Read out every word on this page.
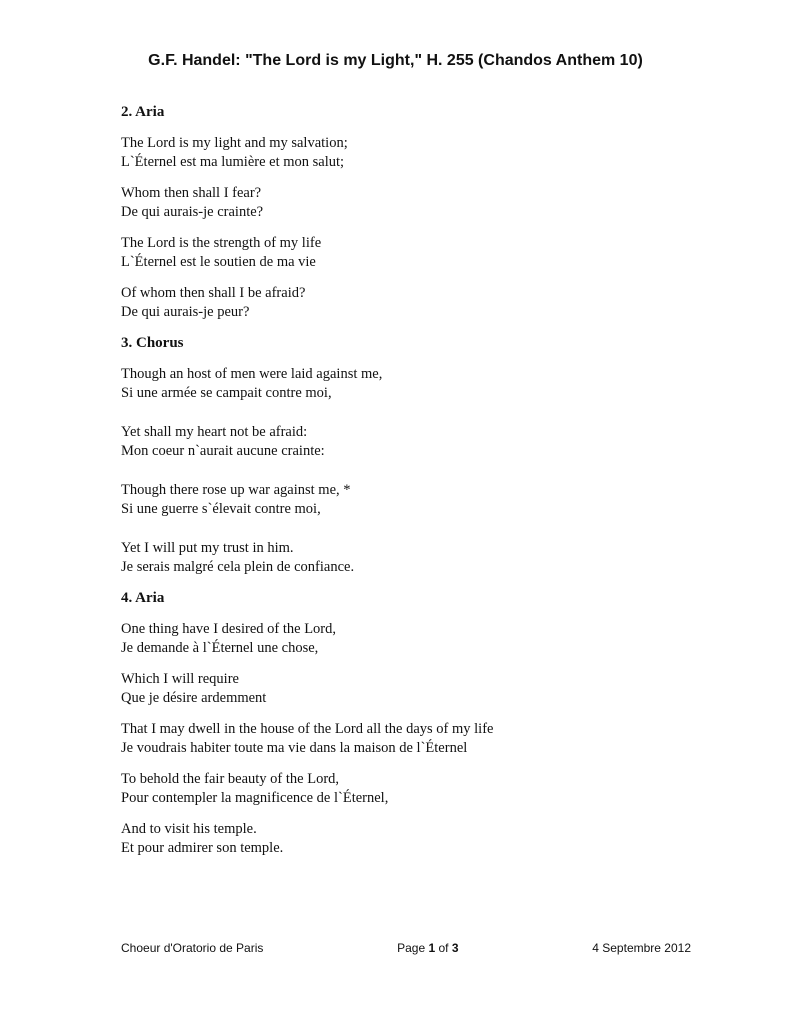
G.F. Handel: "The Lord is my Light," H. 255 (Chandos Anthem 10)
2. Aria
The Lord is my light and my salvation;
L`Éternel est ma lumière et mon salut;
Whom then shall I fear?
De qui aurais-je crainte?
The Lord is the strength of my life
L`Éternel est le soutien de ma vie
Of whom then shall I be afraid?
De qui aurais-je peur?
3. Chorus
Though an host of men were laid against me,
Si une armée se campait contre moi,
Yet shall my heart not be afraid:
Mon coeur n`aurait aucune crainte:
Though there rose up war against me, *
Si une guerre s`élevait contre moi,
Yet I will put my trust in him.
Je serais malgré cela plein de confiance.
4. Aria
One thing have I desired of the Lord,
Je demande à l`Éternel une chose,
Which I will require
Que je désire ardemment
That I may dwell in the house of the Lord all the days of my life
Je voudrais habiter toute ma vie dans la maison de l`Éternel
To behold the fair beauty of the Lord,
Pour contempler la magnificence de l`Éternel,
And to visit his temple.
Et pour admirer son temple.
Choeur d'Oratorio de Paris	Page 1 of 3	4 Septembre 2012
